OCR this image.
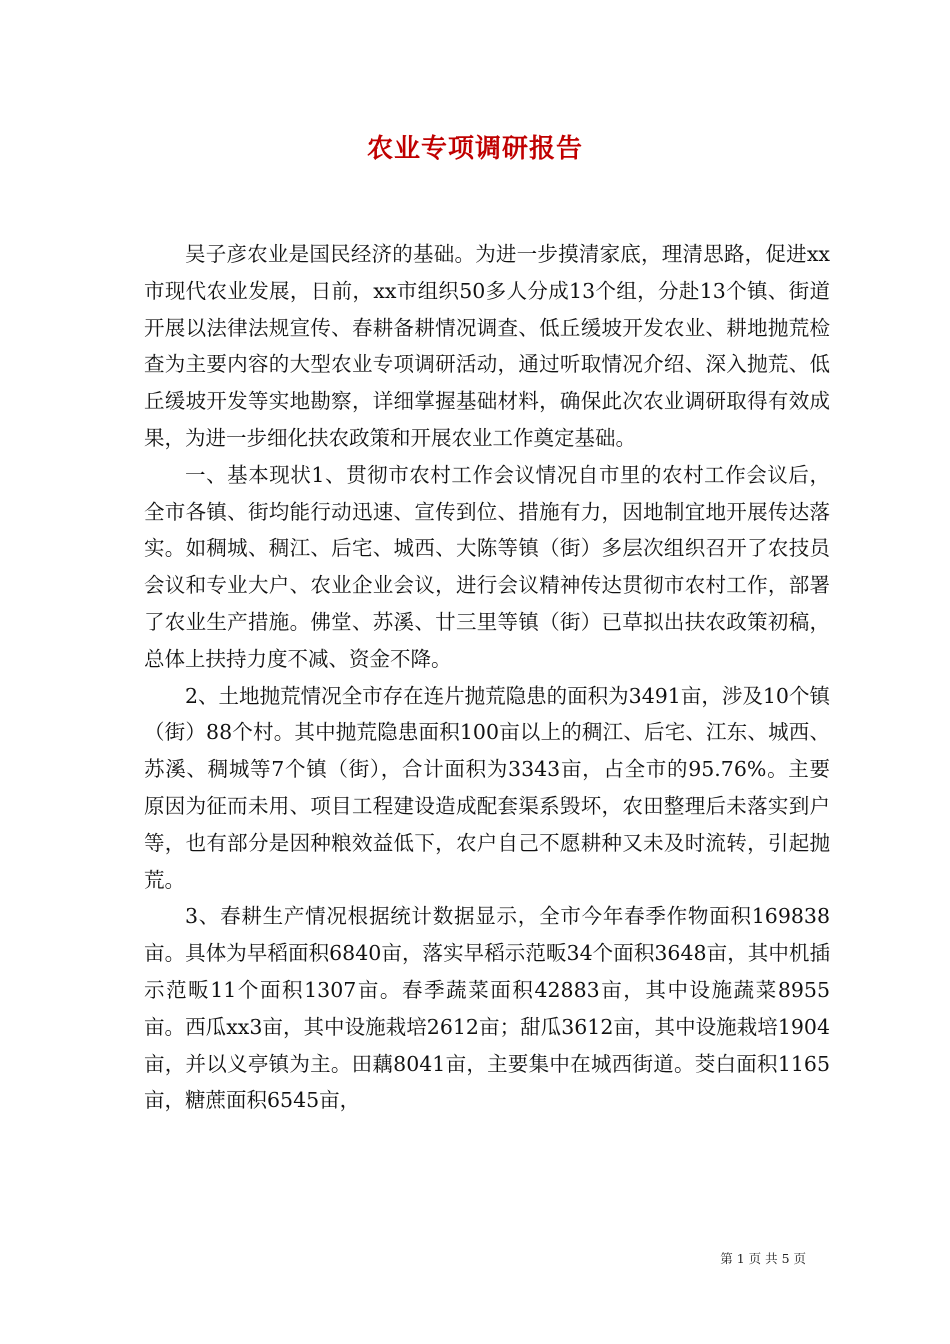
农业专项调研报告

吴子彦农业是国民经济的基础。为进一步摸清家底，理清思路，促进xx市现代农业发展，日前，xx市组织50多人分成13个组，分赴13个镇、街道开展以法律法规宣传、春耕备耕情况调查、低丘缓坡开发农业、耕地抛荒检查为主要内容的大型农业专项调研活动，通过听取情况介绍、深入抛荒、低丘缓坡开发等实地勘察，详细掌握基础材料，确保此次农业调研取得有效成果，为进一步细化扶农政策和开展农业工作奠定基础。

一、基本现状1、贯彻市农村工作会议情况自市里的农村工作会议后，全市各镇、街均能行动迅速、宣传到位、措施有力，因地制宜地开展传达落实。如稠城、稠江、后宅、城西、大陈等镇（街）多层次组织召开了农技员会议和专业大户、农业企业会议，进行会议精神传达贯彻市农村工作，部署了农业生产措施。佛堂、苏溪、廿三里等镇（街）已草拟出扶农政策初稿，总体上扶持力度不减、资金不降。

2、土地抛荒情况全市存在连片抛荒隐患的面积为3491亩，涉及10个镇（街）88个村。其中抛荒隐患面积100亩以上的稠江、后宅、江东、城西、苏溪、稠城等7个镇（街），合计面积为3343亩，占全市的95.76%。主要原因为征而未用、项目工程建设造成配套渠系毁坏，农田整理后未落实到户等，也有部分是因种粮效益低下，农户自己不愿耕种又未及时流转，引起抛荒。

3、春耕生产情况根据统计数据显示，全市今年春季作物面积169838亩。具体为早稻面积6840亩，落实早稻示范畈34个面积3648亩，其中机插示范畈11个面积1307亩。春季蔬菜面积42883亩，其中设施蔬菜8955亩。西瓜xx3亩，其中设施栽培2612亩；甜瓜3612亩，其中设施栽培1904亩，并以义亭镇为主。田藕8041亩，主要集中在城西街道。茭白面积1165亩，糖蔗面积6545亩，

第 1 页 共 5 页
